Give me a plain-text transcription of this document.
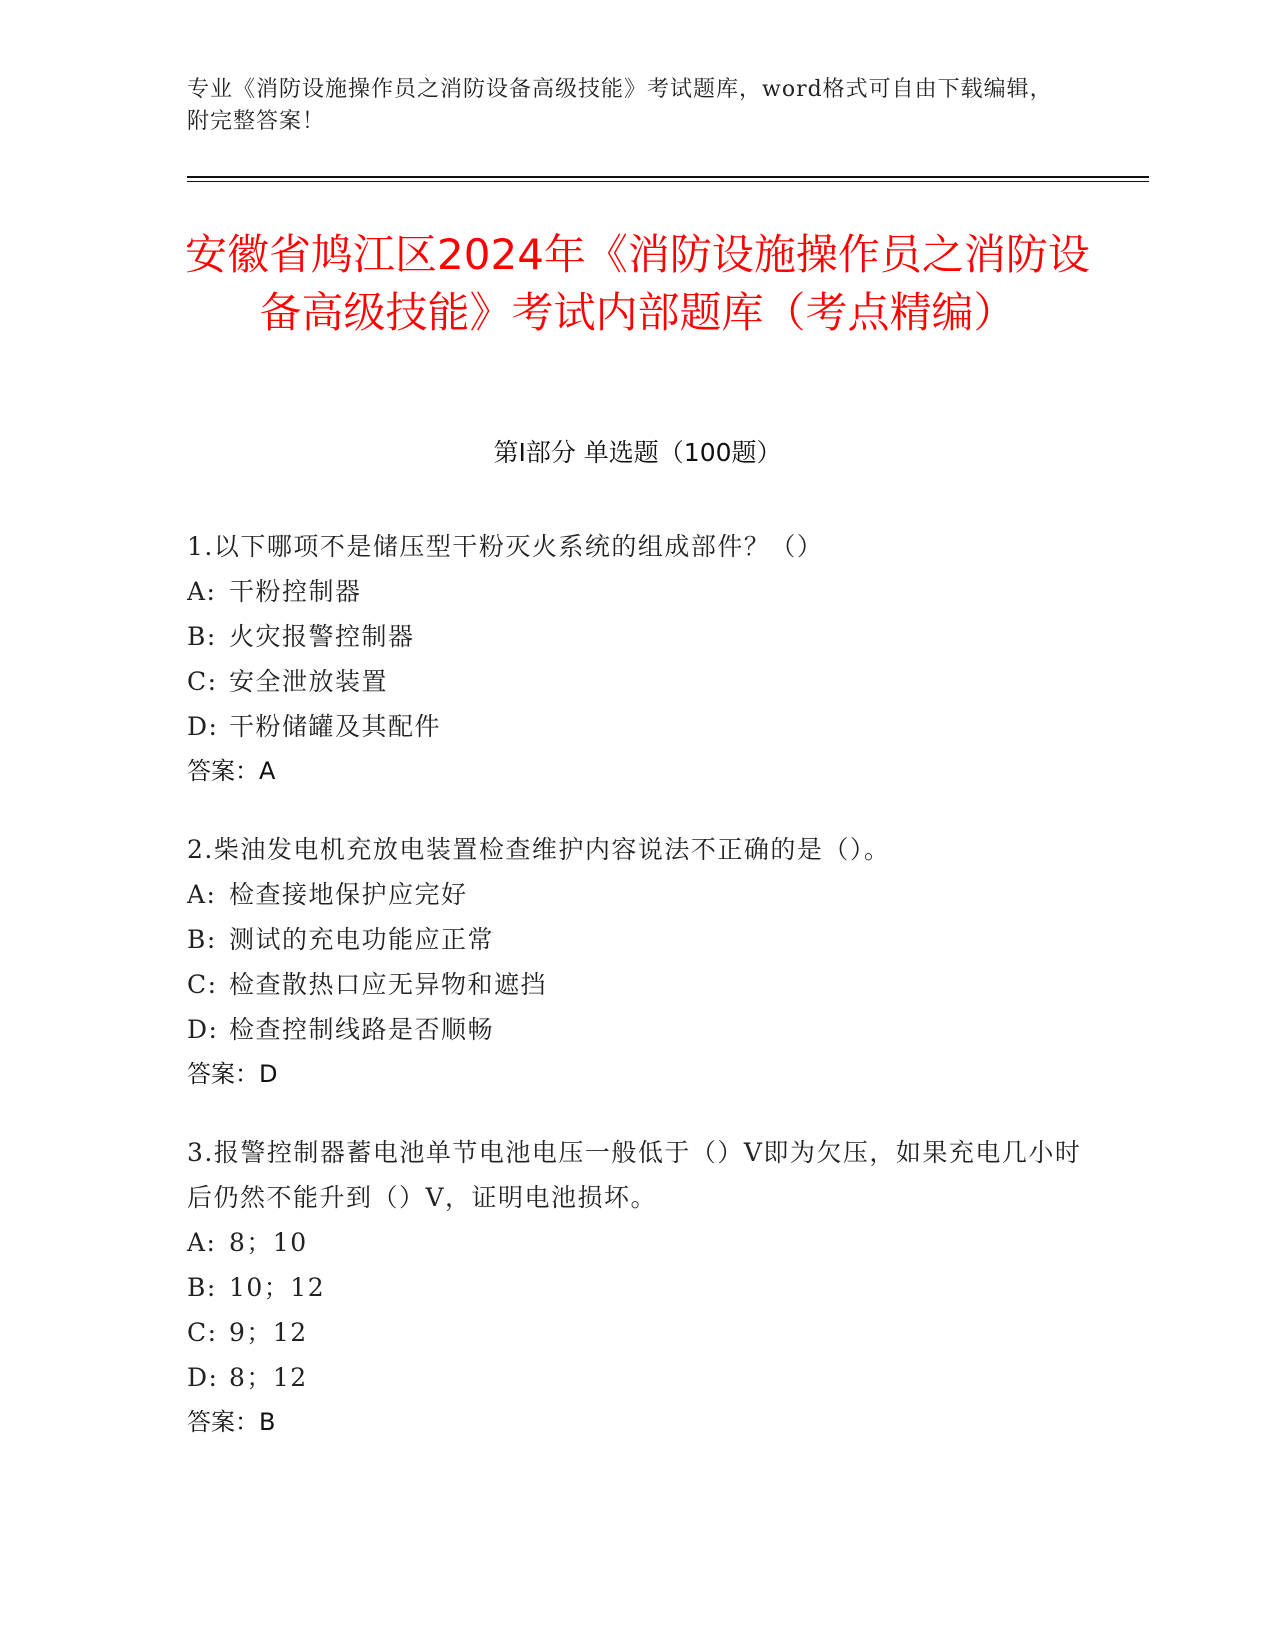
专业《消防设施操作员之消防设备高级技能》考试题库，word格式可自由下载编辑，附完整答案！
安徽省鸠江区2024年《消防设施操作员之消防设备高级技能》考试内部题库（考点精编）
第I部分 单选题（100题）
1.以下哪项不是储压型干粉灭火系统的组成部件？（）
A: 干粉控制器
B: 火灾报警控制器
C: 安全泄放装置
D: 干粉储罐及其配件
答案：A
2.柴油发电机充放电装置检查维护内容说法不正确的是（）。
A: 检查接地保护应完好
B: 测试的充电功能应正常
C: 检查散热口应无异物和遮挡
D: 检查控制线路是否顺畅
答案：D
3.报警控制器蓄电池单节电池电压一般低于（）V即为欠压，如果充电几小时后仍然不能升到（）V，证明电池损坏。
A: 8；10
B: 10；12
C: 9；12
D: 8；12
答案：B
